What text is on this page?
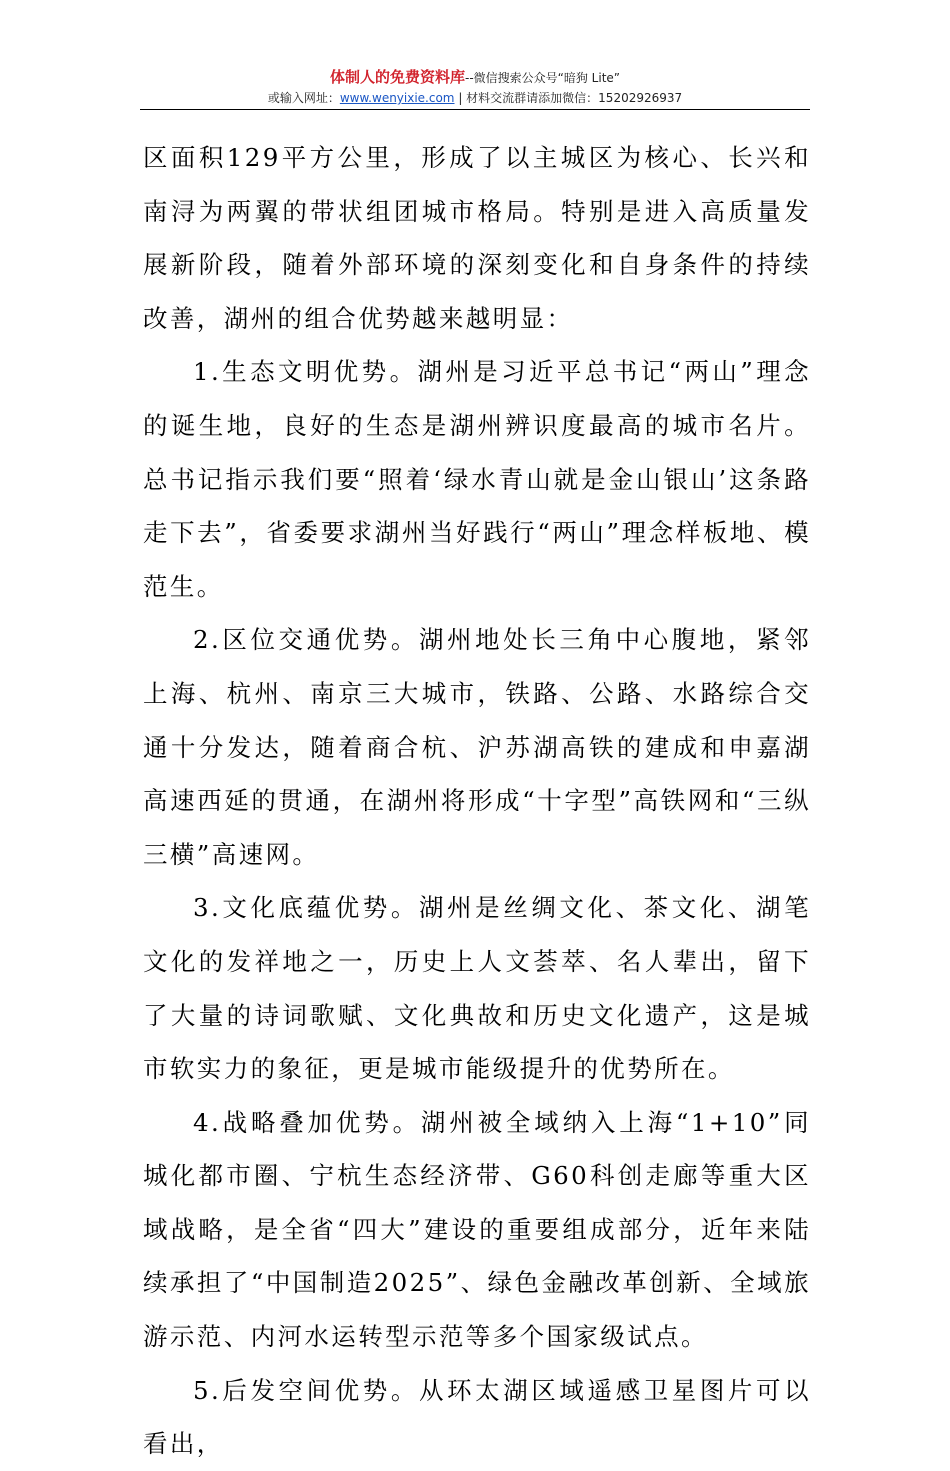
体制人的免费资料库--微信搜索公众号“暗狗 Lite”
或输入网址：www.wenyixie.com | 材料交流群请添加微信：15202926937

区面积129平方公里，形成了以主城区为核心、长兴和南浔为两翼的带状组团城市格局。特别是进入高质量发展新阶段，随着外部环境的深刻变化和自身条件的持续改善，湖州的组合优势越来越明显：

1.生态文明优势。湖州是习近平总书记“两山”理念的诞生地，良好的生态是湖州辨识度最高的城市名片。总书记指示我们要“照着‘绿水青山就是金山银山’这条路走下去”，省委要求湖州当好践行“两山”理念样板地、模范生。

2.区位交通优势。湖州地处长三角中心腹地，紧邻上海、杭州、南京三大城市，铁路、公路、水路综合交通十分发达，随着商合杭、沪苏湖高铁的建成和申嘉湖高速西延的贯通，在湖州将形成“十字型”高铁网和“三纵三横”高速网。

3.文化底蕴优势。湖州是丝绸文化、茶文化、湖笔文化的发祥地之一，历史上人文荟萃、名人辈出，留下了大量的诗词歌赋、文化典故和历史文化遗产，这是城市软实力的象征，更是城市能级提升的优势所在。

4.战略叠加优势。湖州被全域纳入上海“1+10”同城化都市圈、宁杭生态经济带、G60科创走廊等重大区域战略，是全省“四大”建设的重要组成部分，近年来陆续承担了“中国制造2025”、绿色金融改革创新、全域旅游示范、内河水运转型示范等多个国家级试点。

5.后发空间优势。从环太湖区域遥感卫星图片可以看出，
